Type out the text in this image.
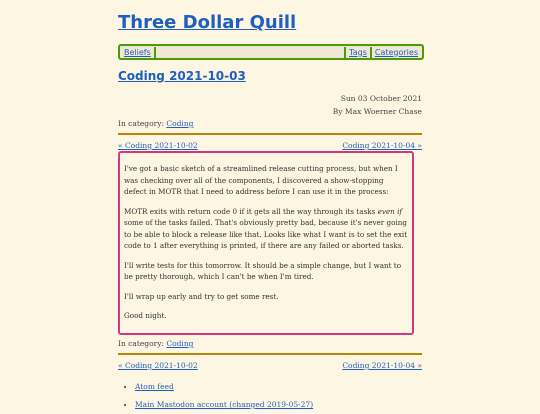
Three Dollar Quill
Beliefs	Tags Categories
Coding 2021-10-03
Sun 03 October 2021
By Max Woerner Chase
In category: Coding
« Coding 2021-10-02	Coding 2021-10-04 »

I've got a basic sketch of a streamlined release cutting process, but when I was checking over all of the components, I discovered a show-stopping defect in MOTR that I need to address before I can use it in the process:

MOTR exits with return code 0 if it gets all the way through its tasks even if some of the tasks failed. That's obviously pretty bad, because it's never going to be able to block a release like that. Looks like what I want is to set the exit code to 1 after everything is printed, if there are any failed or aborted tasks.

I'll write tests for this tomorrow. It should be a simple change, but I want to be pretty thorough, which I can't be when I'm tired.

I'll wrap up early and try to get some rest.

Good night.

In category: Coding
« Coding 2021-10-02	Coding 2021-10-04 »
• Atom feed
• Main Mastodon account (changed 2019-05-27)
